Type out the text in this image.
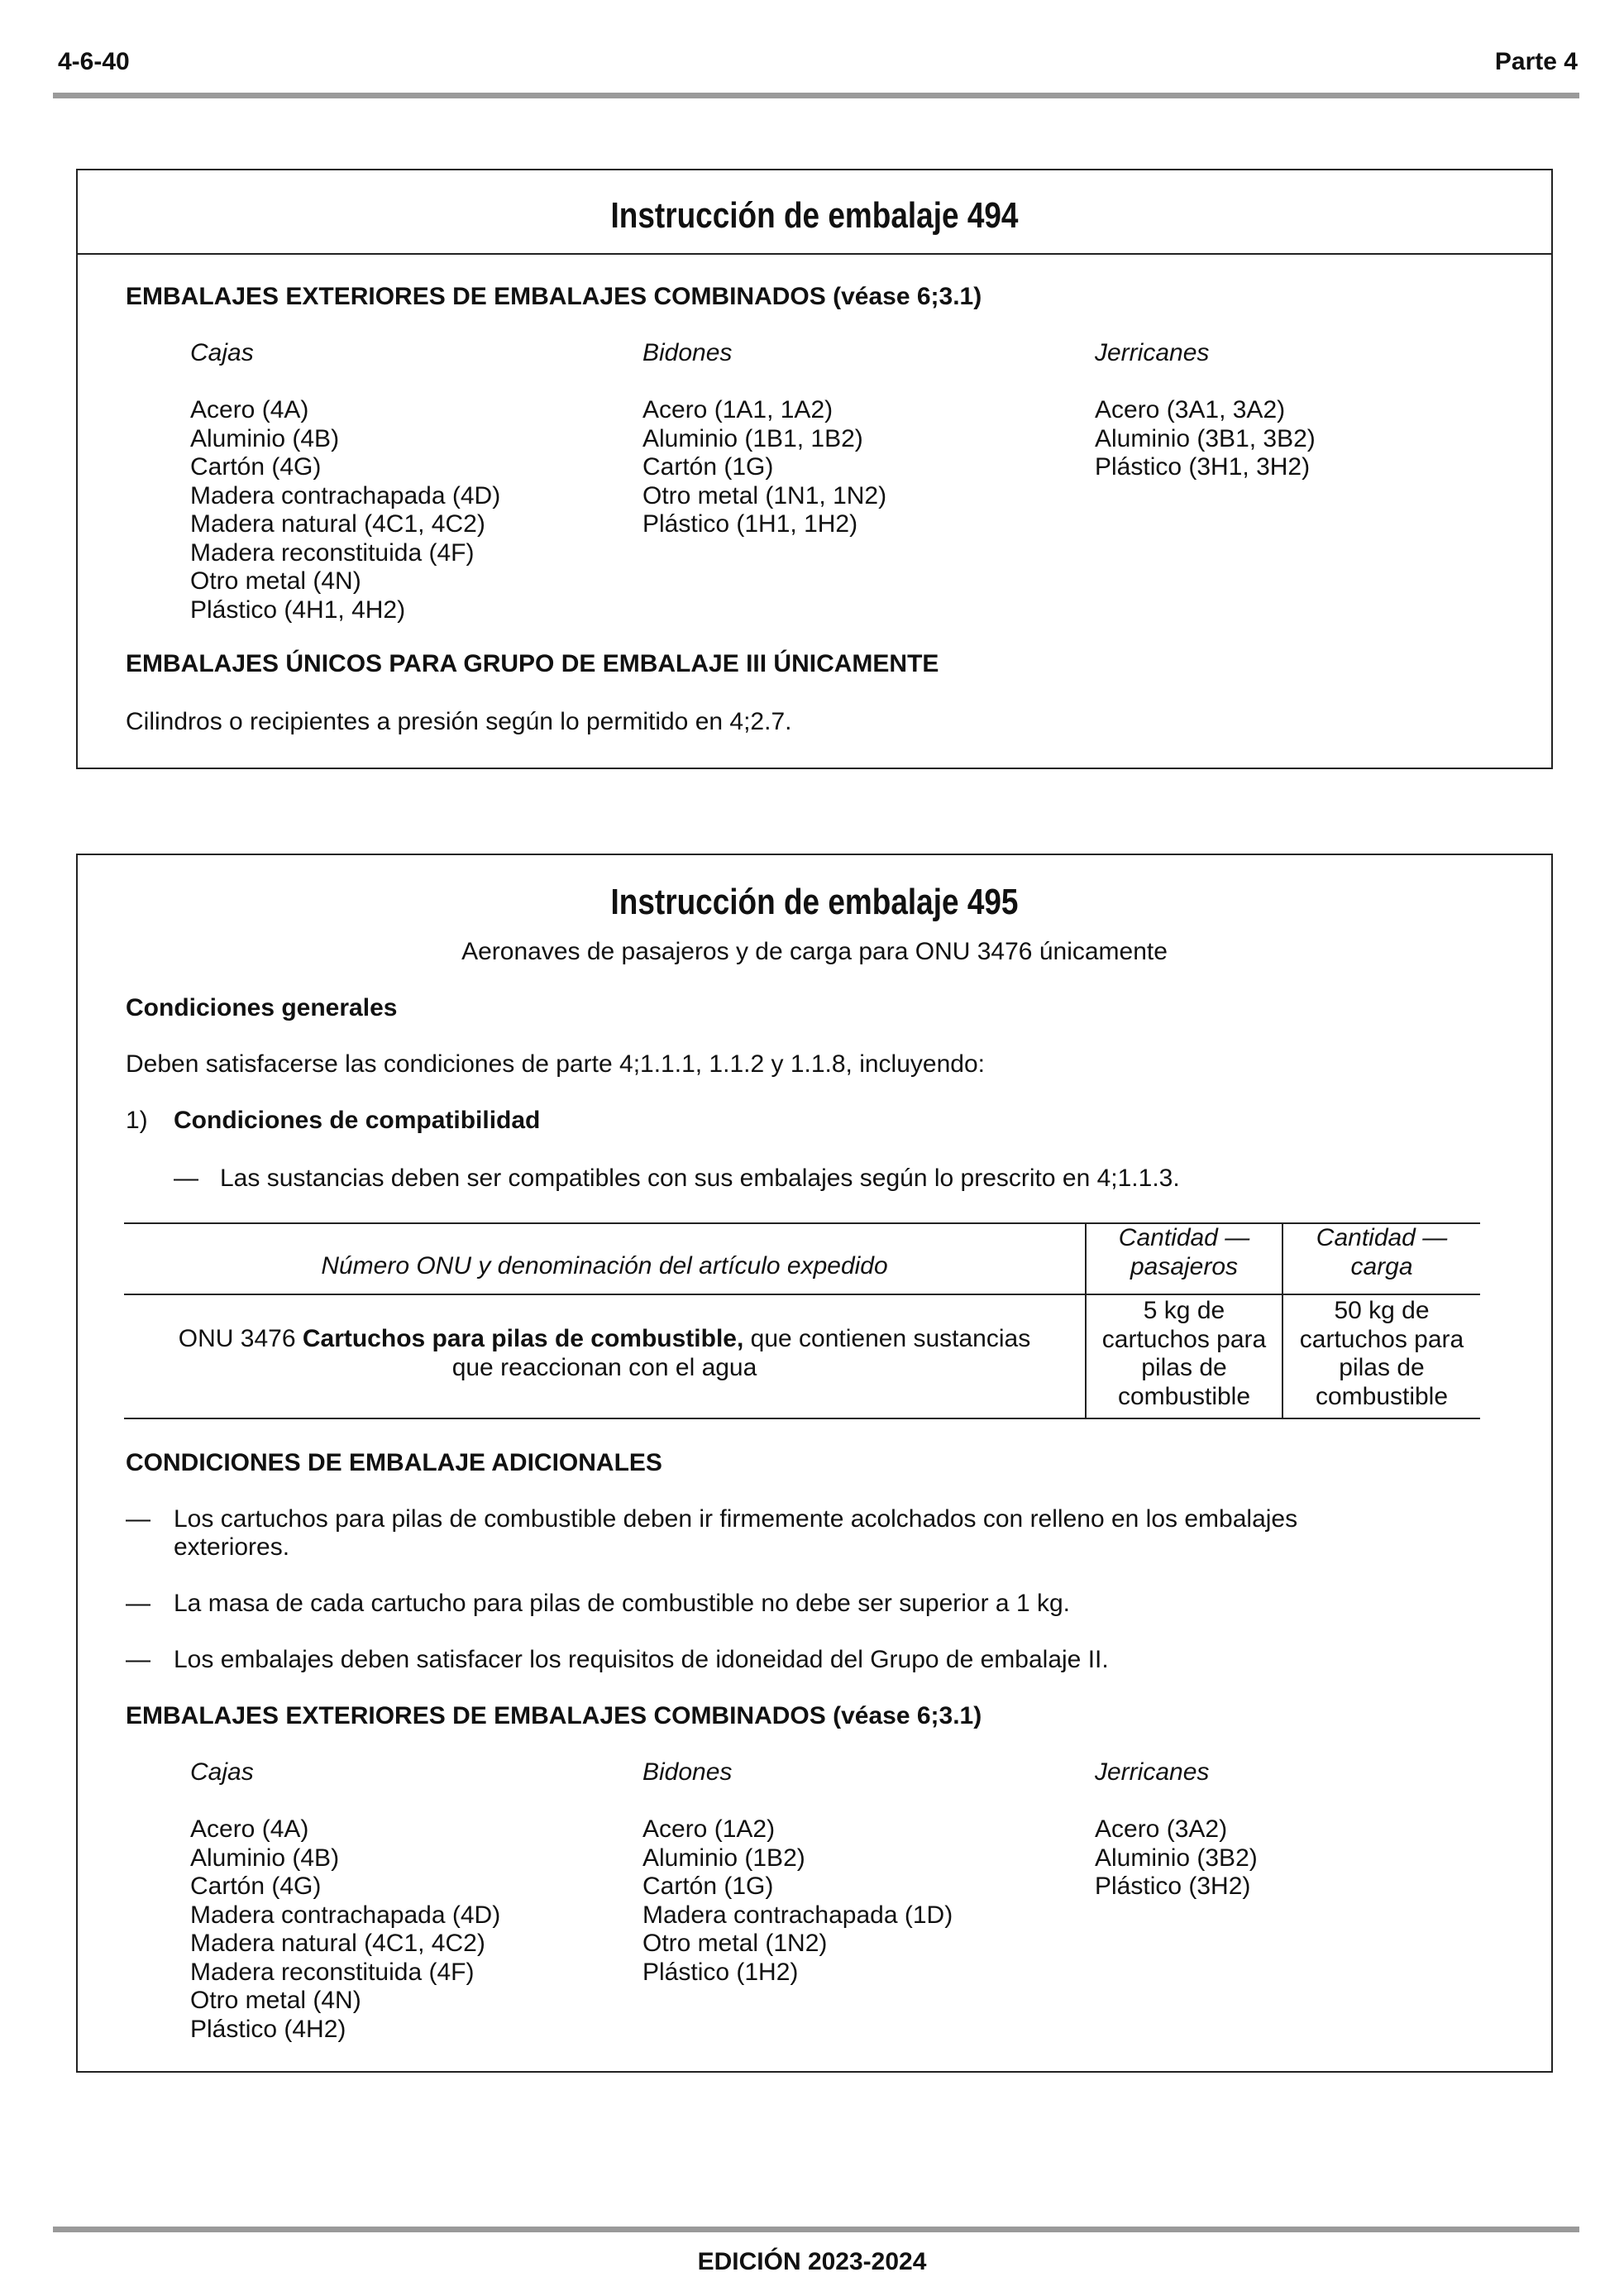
4-6-40	Parte 4
Instrucción de embalaje 494
EMBALAJES EXTERIORES DE EMBALAJES COMBINADOS (véase 6;3.1)
Cajas
Acero (4A)
Aluminio (4B)
Cartón (4G)
Madera contrachapada (4D)
Madera natural (4C1, 4C2)
Madera reconstituida (4F)
Otro metal (4N)
Plástico (4H1, 4H2)
Bidones
Acero (1A1, 1A2)
Aluminio (1B1, 1B2)
Cartón (1G)
Otro metal (1N1, 1N2)
Plástico (1H1, 1H2)
Jerricanes
Acero (3A1, 3A2)
Aluminio (3B1, 3B2)
Plástico (3H1, 3H2)
EMBALAJES ÚNICOS PARA GRUPO DE EMBALAJE III ÚNICAMENTE
Cilindros o recipientes a presión según lo permitido en 4;2.7.
Instrucción de embalaje 495
Aeronaves de pasajeros y de carga para ONU 3476 únicamente
Condiciones generales
Deben satisfacerse las condiciones de parte 4;1.1.1, 1.1.2 y 1.1.8, incluyendo:
1) Condiciones de compatibilidad
— Las sustancias deben ser compatibles con sus embalajes según lo prescrito en 4;1.1.3.
Número ONU y denominación del artículo expedido
Cantidad —
pasajeros
Cantidad —
carga
ONU 3476 Cartuchos para pilas de combustible, que contienen sustancias
que reaccionan con el agua
5 kg de
cartuchos para
pilas de
combustible
50 kg de
cartuchos para
pilas de
combustible
CONDICIONES DE EMBALAJE ADICIONALES
— Los cartuchos para pilas de combustible deben ir firmemente acolchados con relleno en los embalajes
exteriores.
— La masa de cada cartucho para pilas de combustible no debe ser superior a 1 kg.
— Los embalajes deben satisfacer los requisitos de idoneidad del Grupo de embalaje II.
EMBALAJES EXTERIORES DE EMBALAJES COMBINADOS (véase 6;3.1)
Cajas
Acero (4A)
Aluminio (4B)
Cartón (4G)
Madera contrachapada (4D)
Madera natural (4C1, 4C2)
Madera reconstituida (4F)
Otro metal (4N)
Plástico (4H2)
Bidones
Acero (1A2)
Aluminio (1B2)
Cartón (1G)
Madera contrachapada (1D)
Otro metal (1N2)
Plástico (1H2)
Jerricanes
Acero (3A2)
Aluminio (3B2)
Plástico (3H2)
EDICIÓN 2023-2024
